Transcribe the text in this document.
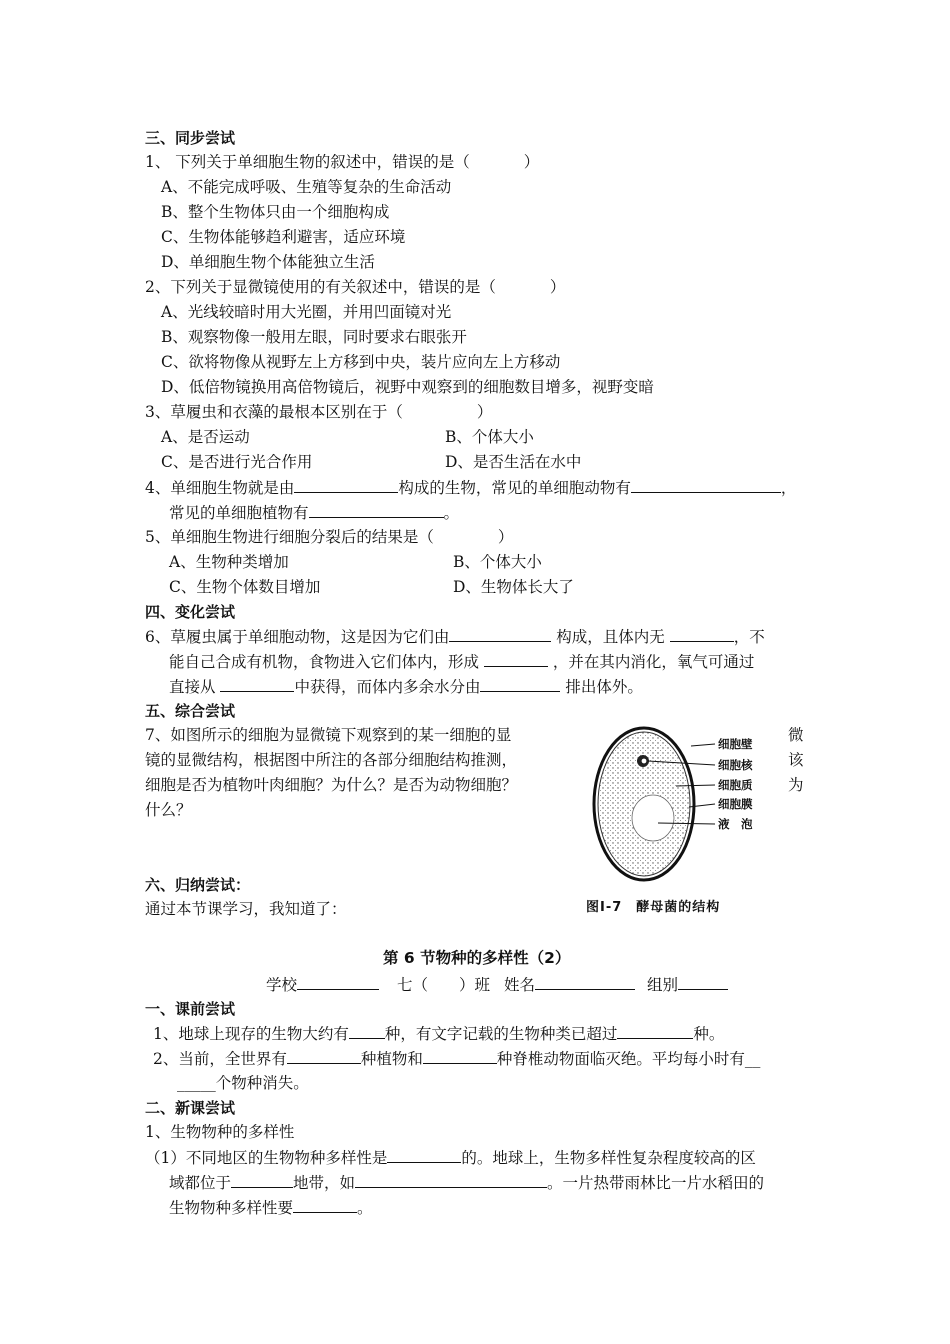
三、同步尝试
1、 下列关于单细胞生物的叙述中，错误的是（	）
A、不能完成呼吸、生殖等复杂的生命活动
B、整个生物体只由一个细胞构成
C、生物体能够趋利避害，适应环境
D、单细胞生物个体能独立生活
2、下列关于显微镜使用的有关叙述中，错误的是（	）
A、光线较暗时用大光圈，并用凹面镜对光
B、观察物像一般用左眼，同时要求右眼张开
C、欲将物像从视野左上方移到中央，装片应向左上方移动
D、低倍物镜换用高倍物镜后，视野中观察到的细胞数目增多，视野变暗
3、草履虫和衣藻的最根本区别在于（	）
A、是否运动	B、个体大小
C、是否进行光合作用	D、是否生活在水中
4、单细胞生物就是由	构成的生物，常见的单细胞动物有	，
常见的单细胞植物有	。
5、单细胞生物进行细胞分裂后的结果是（	）
A、生物种类增加	B、个体大小
C、生物个体数目增加	D、生物体长大了
四、变化尝试
6、草履虫属于单细胞动物，这是因为它们由	构成，且体内无	，不
能自己合成有机物，食物进入它们体内，形成	，并在其内消化，氧气可通过
直接从	中获得，而体内多余水分由	排出体外。
五、综合尝试
7、如图所示的细胞为显微镜下观察到的某一细胞的显	微
镜的显微结构，根据图中所注的各部分细胞结构推测，	该
细胞是否为植物叶肉细胞？为什么？是否为动物细胞？	为
什么？
细胞壁
细胞核
细胞质
细胞膜
液　泡
图Ⅰ-7　酵母菌的结构
六、归纳尝试：
通过本节课学习，我知道了：
第 6 节物种的多样性（2）
学校	七（　　）班 姓名	组别
一、课前尝试
1、地球上现存的生物大约有 种，有文字记载的生物种类已超过	种。
2、当前，全世界有	种植物和	种脊椎动物面临灭绝。平均每小时有__
_____个物种消失。
二、新课尝试
1、生物物种的多样性
（1）不同地区的生物物种多样性是	的。地球上，生物多样性复杂程度较高的区
域都位于	地带，如	。一片热带雨林比一片水稻田的
生物物种多样性要	。
